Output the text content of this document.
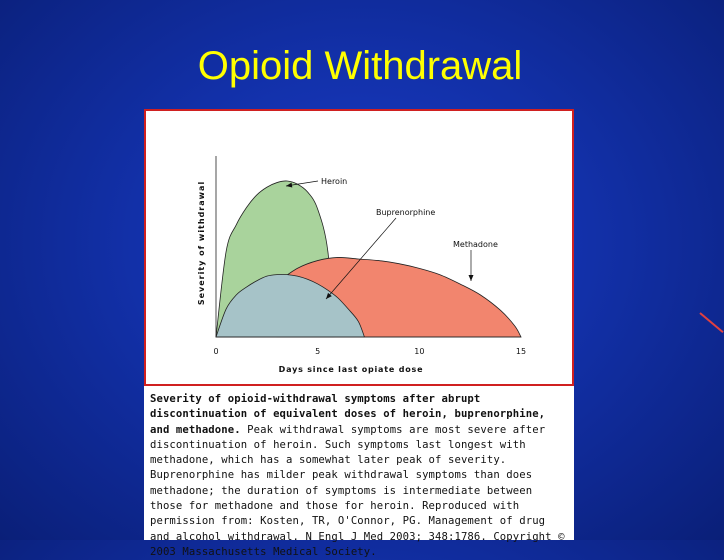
Opioid Withdrawal
Severity of withdrawal
Days since last opiate dose
0	5	10	15
Heroin
Buprenorphine
Methadone
Severity of opioid-withdrawal symptoms after abrupt discontinuation of equivalent doses of heroin, buprenorphine, and methadone. Peak withdrawal symptoms are most severe after discontinuation of heroin. Such symptoms last longest with methadone, which has a somewhat later peak of severity. Buprenorphine has milder peak withdrawal symptoms than does methadone; the duration of symptoms is intermediate between those for methadone and those for heroin. Reproduced with permission from: Kosten, TR, O'Connor, PG. Management of drug and alcohol withdrawal. N Engl J Med 2003; 348:1786. Copyright © 2003 Massachusetts Medical Society.
